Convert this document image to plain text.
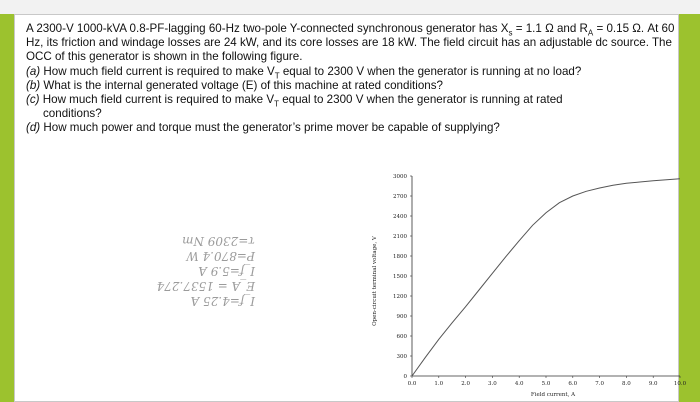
A 2300-V 1000-kVA 0.8-PF-lagging 60-Hz two-pole Y-connected synchronous generator has $X_s = 1.1$ Ω and $R_A = 0.15$ Ω. At 60 Hz, its friction and windage losses are 24 kW, and its core losses are 18 kW. The field circuit has an adjustable dc source. The OCC of this generator is shown in the following figure.

(a) How much field current is required to make $V_T$ equal to 2300 V when the generator is running at no load?

(b) What is the internal generated voltage (E) of this machine at rated conditions?

(c) How much field current is required to make $V_T$ equal to 2300 V when the generator is running at rated

conditions?

(d) How much power and torque must the generator’s prime mover be capable of supplying?

I_f=4.25 A
E_A = 1537.274
I_f=5.9 A
P=870.4 W
τ=2309 Nm	Open-circuit terminal voltage, V
Field current, A
0
300
600
900
1200
1500
1800
2100
2400
2700
3000
0.0	1.0	2.0	3.0	4.0	5.0	6.0	7.0	8.0	9.0	10.0
